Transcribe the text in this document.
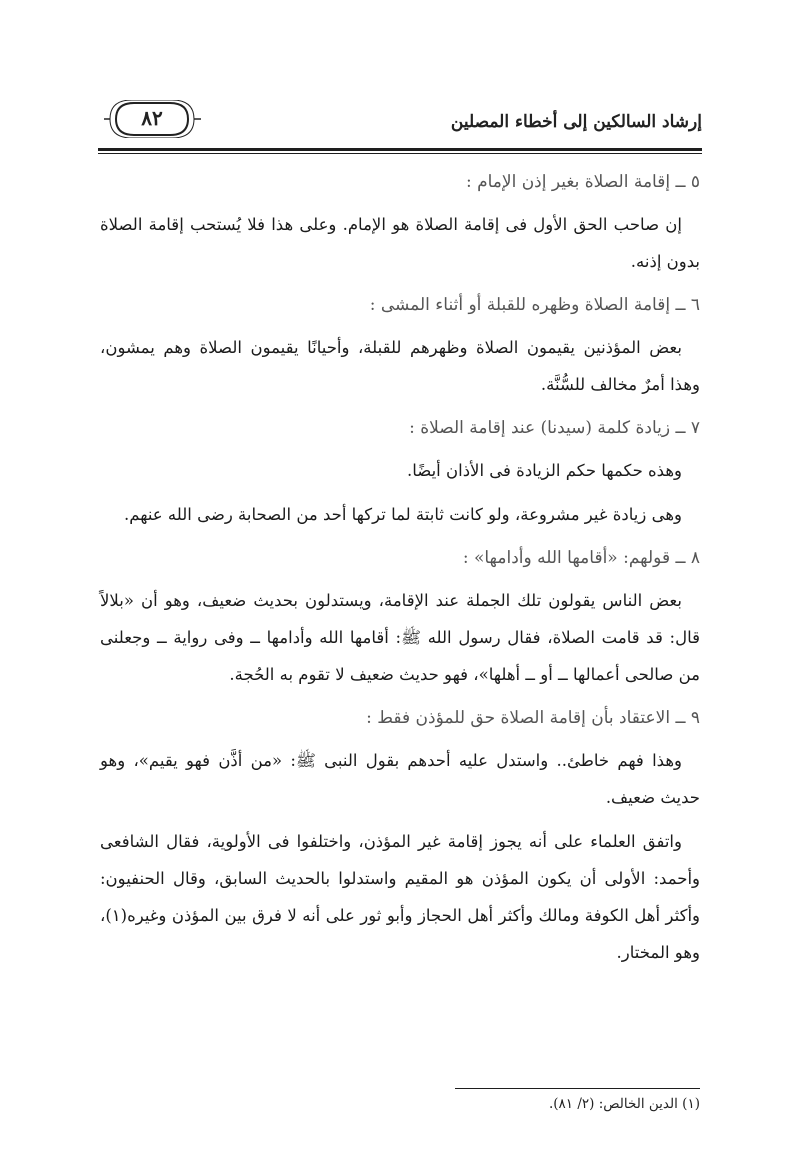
٨٢	إرشاد السالكين إلى أخطاء المصلين
٥ ــ إقامة الصلاة بغير إذن الإمام :

إن صاحب الحق الأول فى إقامة الصلاة هو الإمام. وعلى هذا فلا يُستحب إقامة الصلاة بدون إذنه.

٦ ــ إقامة الصلاة وظهره للقبلة أو أثناء المشى :

بعض المؤذنين يقيمون الصلاة وظهرهم للقبلة، وأحيانًا يقيمون الصلاة وهم يمشون، وهذا أمرٌ مخالف للسُّنَّة.

٧ ــ زيادة كلمة (سيدنا) عند إقامة الصلاة :

وهذه حكمها حكم الزيادة فى الأذان أيضًا.

وهى زيادة غير مشروعة، ولو كانت ثابتة لما تركها أحد من الصحابة رضى الله عنهم.

٨ ــ قولهم: «أقامها الله وأدامها» :

بعض الناس يقولون تلك الجملة عند الإقامة، ويستدلون بحديث ضعيف، وهو أن «بلالاً قال: قد قامت الصلاة، فقال رسول الله ﷺ: أقامها الله وأدامها ــ وفى رواية ــ وجعلنى من صالحى أعمالها ــ أو ــ أهلها»، فهو حديث ضعيف لا تقوم به الحُجة.

٩ ــ الاعتقاد بأن إقامة الصلاة حق للمؤذن فقط :

وهذا فهم خاطئ.. واستدل عليه أحدهم بقول النبى ﷺ: «من أذَّن فهو يقيم»، وهو حديث ضعيف.

واتفق العلماء على أنه يجوز إقامة غير المؤذن، واختلفوا فى الأولوية، فقال الشافعى وأحمد: الأولى أن يكون المؤذن هو المقيم واستدلوا بالحديث السابق، وقال الحنفيون: وأكثر أهل الكوفة ومالك وأكثر أهل الحجاز وأبو ثور على أنه لا فرق بين المؤذن وغيره(١)، وهو المختار.

(١) الدين الخالص: (٢/ ٨١).
